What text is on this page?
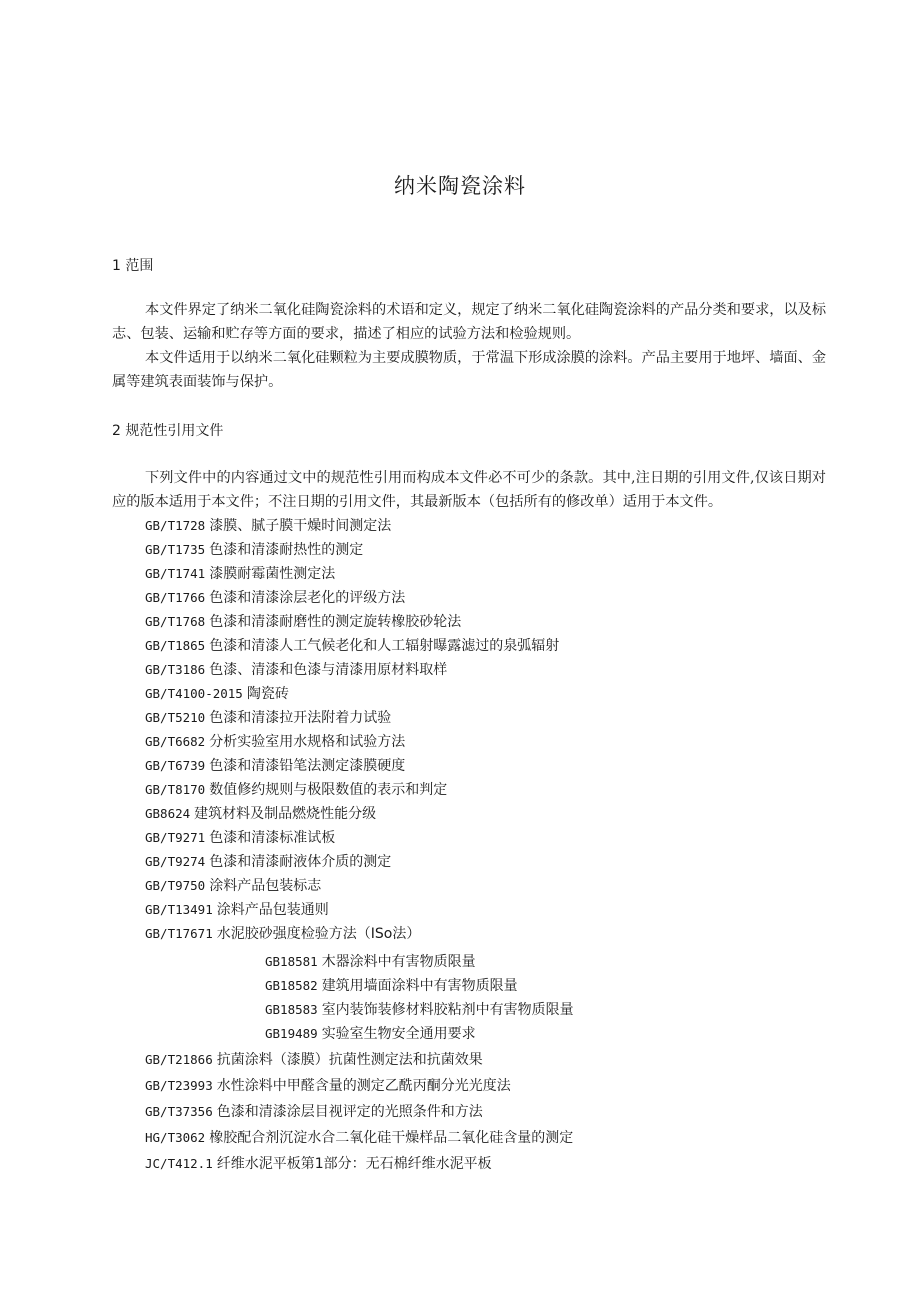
纳米陶瓷涂料
1 范围

本文件界定了纳米二氧化硅陶瓷涂料的术语和定义，规定了纳米二氧化硅陶瓷涂料的产品分类和要求，以及标志、包装、运输和贮存等方面的要求，描述了相应的试验方法和检验规则。

本文件适用于以纳米二氧化硅颗粒为主要成膜物质，于常温下形成涂膜的涂料。产品主要用于地坪、墙面、金属等建筑表面装饰与保护。

2 规范性引用文件

下列文件中的内容通过文中的规范性引用而构成本文件必不可少的条款。其中,注日期的引用文件,仅该日期对应的版本适用于本文件；不注日期的引用文件，其最新版本（包括所有的修改单）适用于本文件。

GB/T1728 漆膜、腻子膜干燥时间测定法
GB/T1735 色漆和清漆耐热性的测定
GB/T1741 漆膜耐霉菌性测定法
GB/T1766 色漆和清漆涂层老化的评级方法
GB/T1768 色漆和清漆耐磨性的测定旋转橡胶砂轮法
GB/T1865 色漆和清漆人工气候老化和人工辐射曝露滤过的泉弧辐射
GB/T3186 色漆、清漆和色漆与清漆用原材料取样
GB/T4100-2015 陶瓷砖
GB/T5210 色漆和清漆拉开法附着力试验
GB/T6682 分析实验室用水规格和试验方法
GB/T6739 色漆和清漆铅笔法测定漆膜硬度
GB/T8170 数值修约规则与极限数值的表示和判定
GB8624 建筑材料及制品燃烧性能分级
GB/T9271 色漆和清漆标准试板
GB/T9274 色漆和清漆耐液体介质的测定
GB/T9750 涂料产品包装标志
GB/T13491 涂料产品包装通则
GB/T17671 水泥胶砂强度检验方法（ISo法）
GB18581 木器涂料中有害物质限量
GB18582 建筑用墙面涂料中有害物质限量
GB18583 室内装饰装修材料胶粘剂中有害物质限量
GB19489 实验室生物安全通用要求
GB/T21866 抗菌涂料（漆膜）抗菌性测定法和抗菌效果
GB/T23993 水性涂料中甲醛含量的测定乙酰丙酮分光光度法
GB/T37356 色漆和清漆涂层目视评定的光照条件和方法
HG/T3062 橡胶配合剂沉淀水合二氧化硅干燥样品二氧化硅含量的测定
JC/T412.1 纤维水泥平板第1部分：无石棉纤维水泥平板
